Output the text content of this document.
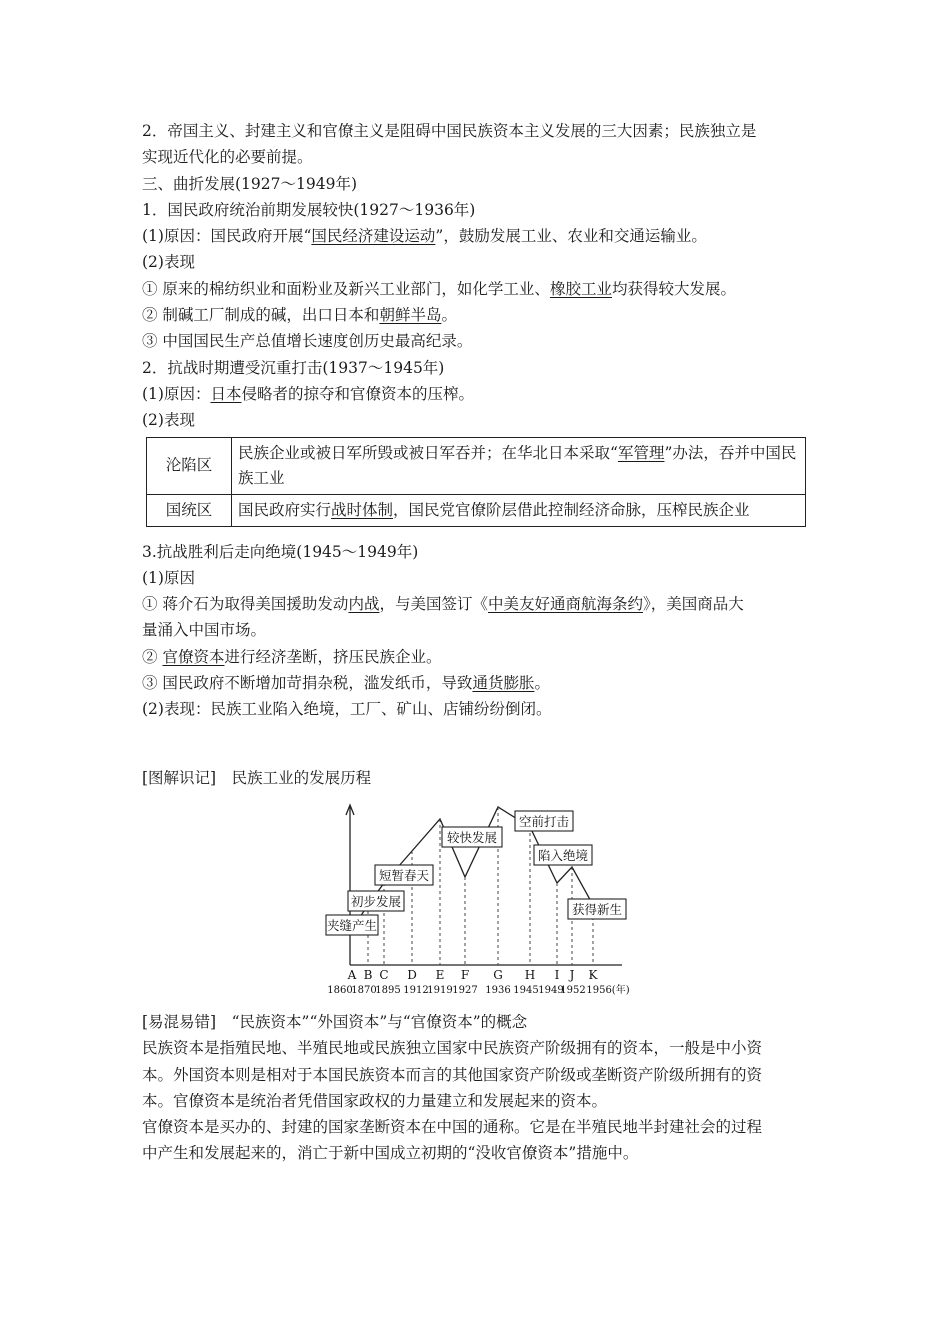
2．帝国主义、封建主义和官僚主义是阻碍中国民族资本主义发展的三大因素；民族独立是
实现近代化的必要前提。
三、曲折发展(1927～1949年)
1．国民政府统治前期发展较快(1927～1936年)
(1)原因：国民政府开展“国民经济建设运动”，鼓励发展工业、农业和交通运输业。
(2)表现
① 原来的棉纺织业和面粉业及新兴工业部门，如化学工业、橡胶工业均获得较大发展。
② 制碱工厂制成的碱，出口日本和朝鲜半岛。
③ 中国国民生产总值增长速度创历史最高纪录。
2．抗战时期遭受沉重打击(1937～1945年)
(1)原因：日本侵略者的掠夺和官僚资本的压榨。
(2)表现
沦陷区	民族企业或被日军所毁或被日军吞并；在华北日本采取“军管理”办法，吞并中国民族工业
国统区	国民政府实行战时体制，国民党官僚阶层借此控制经济命脉，压榨民族企业
3.抗战胜利后走向绝境(1945～1949年)
(1)原因
① 蒋介石为取得美国援助发动内战，与美国签订《中美友好通商航海条约》，美国商品大
量涌入中国市场。
② 官僚资本进行经济垄断，挤压民族企业。
③ 国民政府不断增加苛捐杂税，滥发纸币，导致通货膨胀。
(2)表现：民族工业陷入绝境，工厂、矿山、店铺纷纷倒闭。
[图解识记]　民族工业的发展历程
夹缝产生
初步发展
短暂春天
较快发展
空前打击
陷入绝境
获得新生
A B C D E F G H I J K
1860
1870
1895 1912
1919 1927 1936 1945 1949
1952 1956(年)
[易混易错]　“民族资本”“外国资本”与“官僚资本”的概念
民族资本是指殖民地、半殖民地或民族独立国家中民族资产阶级拥有的资本，一般是中小资
本。外国资本则是相对于本国民族资本而言的其他国家资产阶级或垄断资产阶级所拥有的资
本。官僚资本是统治者凭借国家政权的力量建立和发展起来的资本。
官僚资本是买办的、封建的国家垄断资本在中国的通称。它是在半殖民地半封建社会的过程
中产生和发展起来的，消亡于新中国成立初期的“没收官僚资本”措施中。
